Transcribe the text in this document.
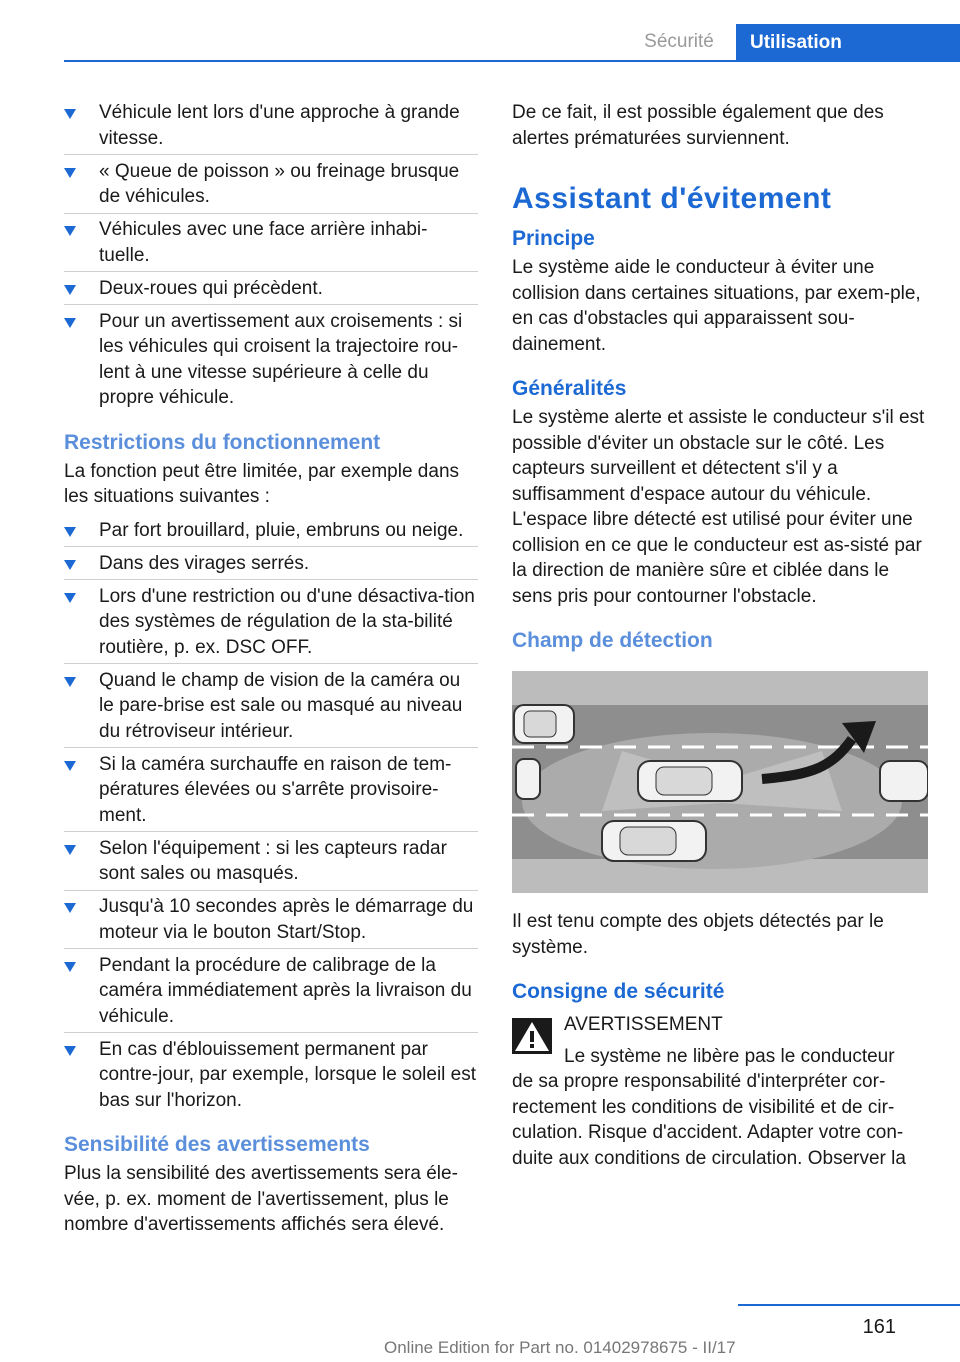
Sécurité	Utilisation
Véhicule lent lors d'une approche à grande vitesse.
« Queue de poisson » ou freinage brusque de véhicules.
Véhicules avec une face arrière inhabi‐tuelle.
Deux-roues qui précèdent.
Pour un avertissement aux croisements : si les véhicules qui croisent la trajectoire rou‐lent à une vitesse supérieure à celle du propre véhicule.
Restrictions du fonctionnement

La fonction peut être limitée, par exemple dans les situations suivantes :

Par fort brouillard, pluie, embruns ou neige.
Dans des virages serrés.
Lors d'une restriction ou d'une désactiva‐tion des systèmes de régulation de la sta‐bilité routière, p. ex. DSC OFF.
Quand le champ de vision de la caméra ou le pare-brise est sale ou masqué au niveau du rétroviseur intérieur.
Si la caméra surchauffe en raison de tem‐pératures élevées ou s'arrête provisoire‐ment.
Selon l'équipement : si les capteurs radar sont sales ou masqués.
Jusqu'à 10 secondes après le démarrage du moteur via le bouton Start/Stop.
Pendant la procédure de calibrage de la caméra immédiatement après la livraison du véhicule.
En cas d'éblouissement permanent par contre-jour, par exemple, lorsque le soleil est bas sur l'horizon.
Sensibilité des avertissements

Plus la sensibilité des avertissements sera éle‐vée, p. ex. moment de l'avertissement, plus le nombre d'avertissements affichés sera élevé.

De ce fait, il est possible également que des alertes prématurées surviennent.

Assistant d'évitement
Principe

Le système aide le conducteur à éviter une collision dans certaines situations, par exem‐ple, en cas d'obstacles qui apparaissent sou‐dainement.

Généralités

Le système alerte et assiste le conducteur s'il est possible d'éviter un obstacle sur le côté. Les capteurs surveillent et détectent s'il y a suffisamment d'espace autour du véhicule. L'espace libre détecté est utilisé pour éviter une collision en ce que le conducteur est as‐sisté par la direction de manière sûre et ciblée dans le sens pris pour contourner l'obstacle.

Champ de détection

Il est tenu compte des objets détectés par le système.

Consigne de sécurité

AVERTISSEMENT

Le système ne libère pas le conducteur

de sa propre responsabilité d'interpréter cor‐rectement les conditions de visibilité et de cir‐culation. Risque d'accident. Adapter votre con‐duite aux conditions de circulation. Observer la

161
Online Edition for Part no. 01402978675 - II/17
